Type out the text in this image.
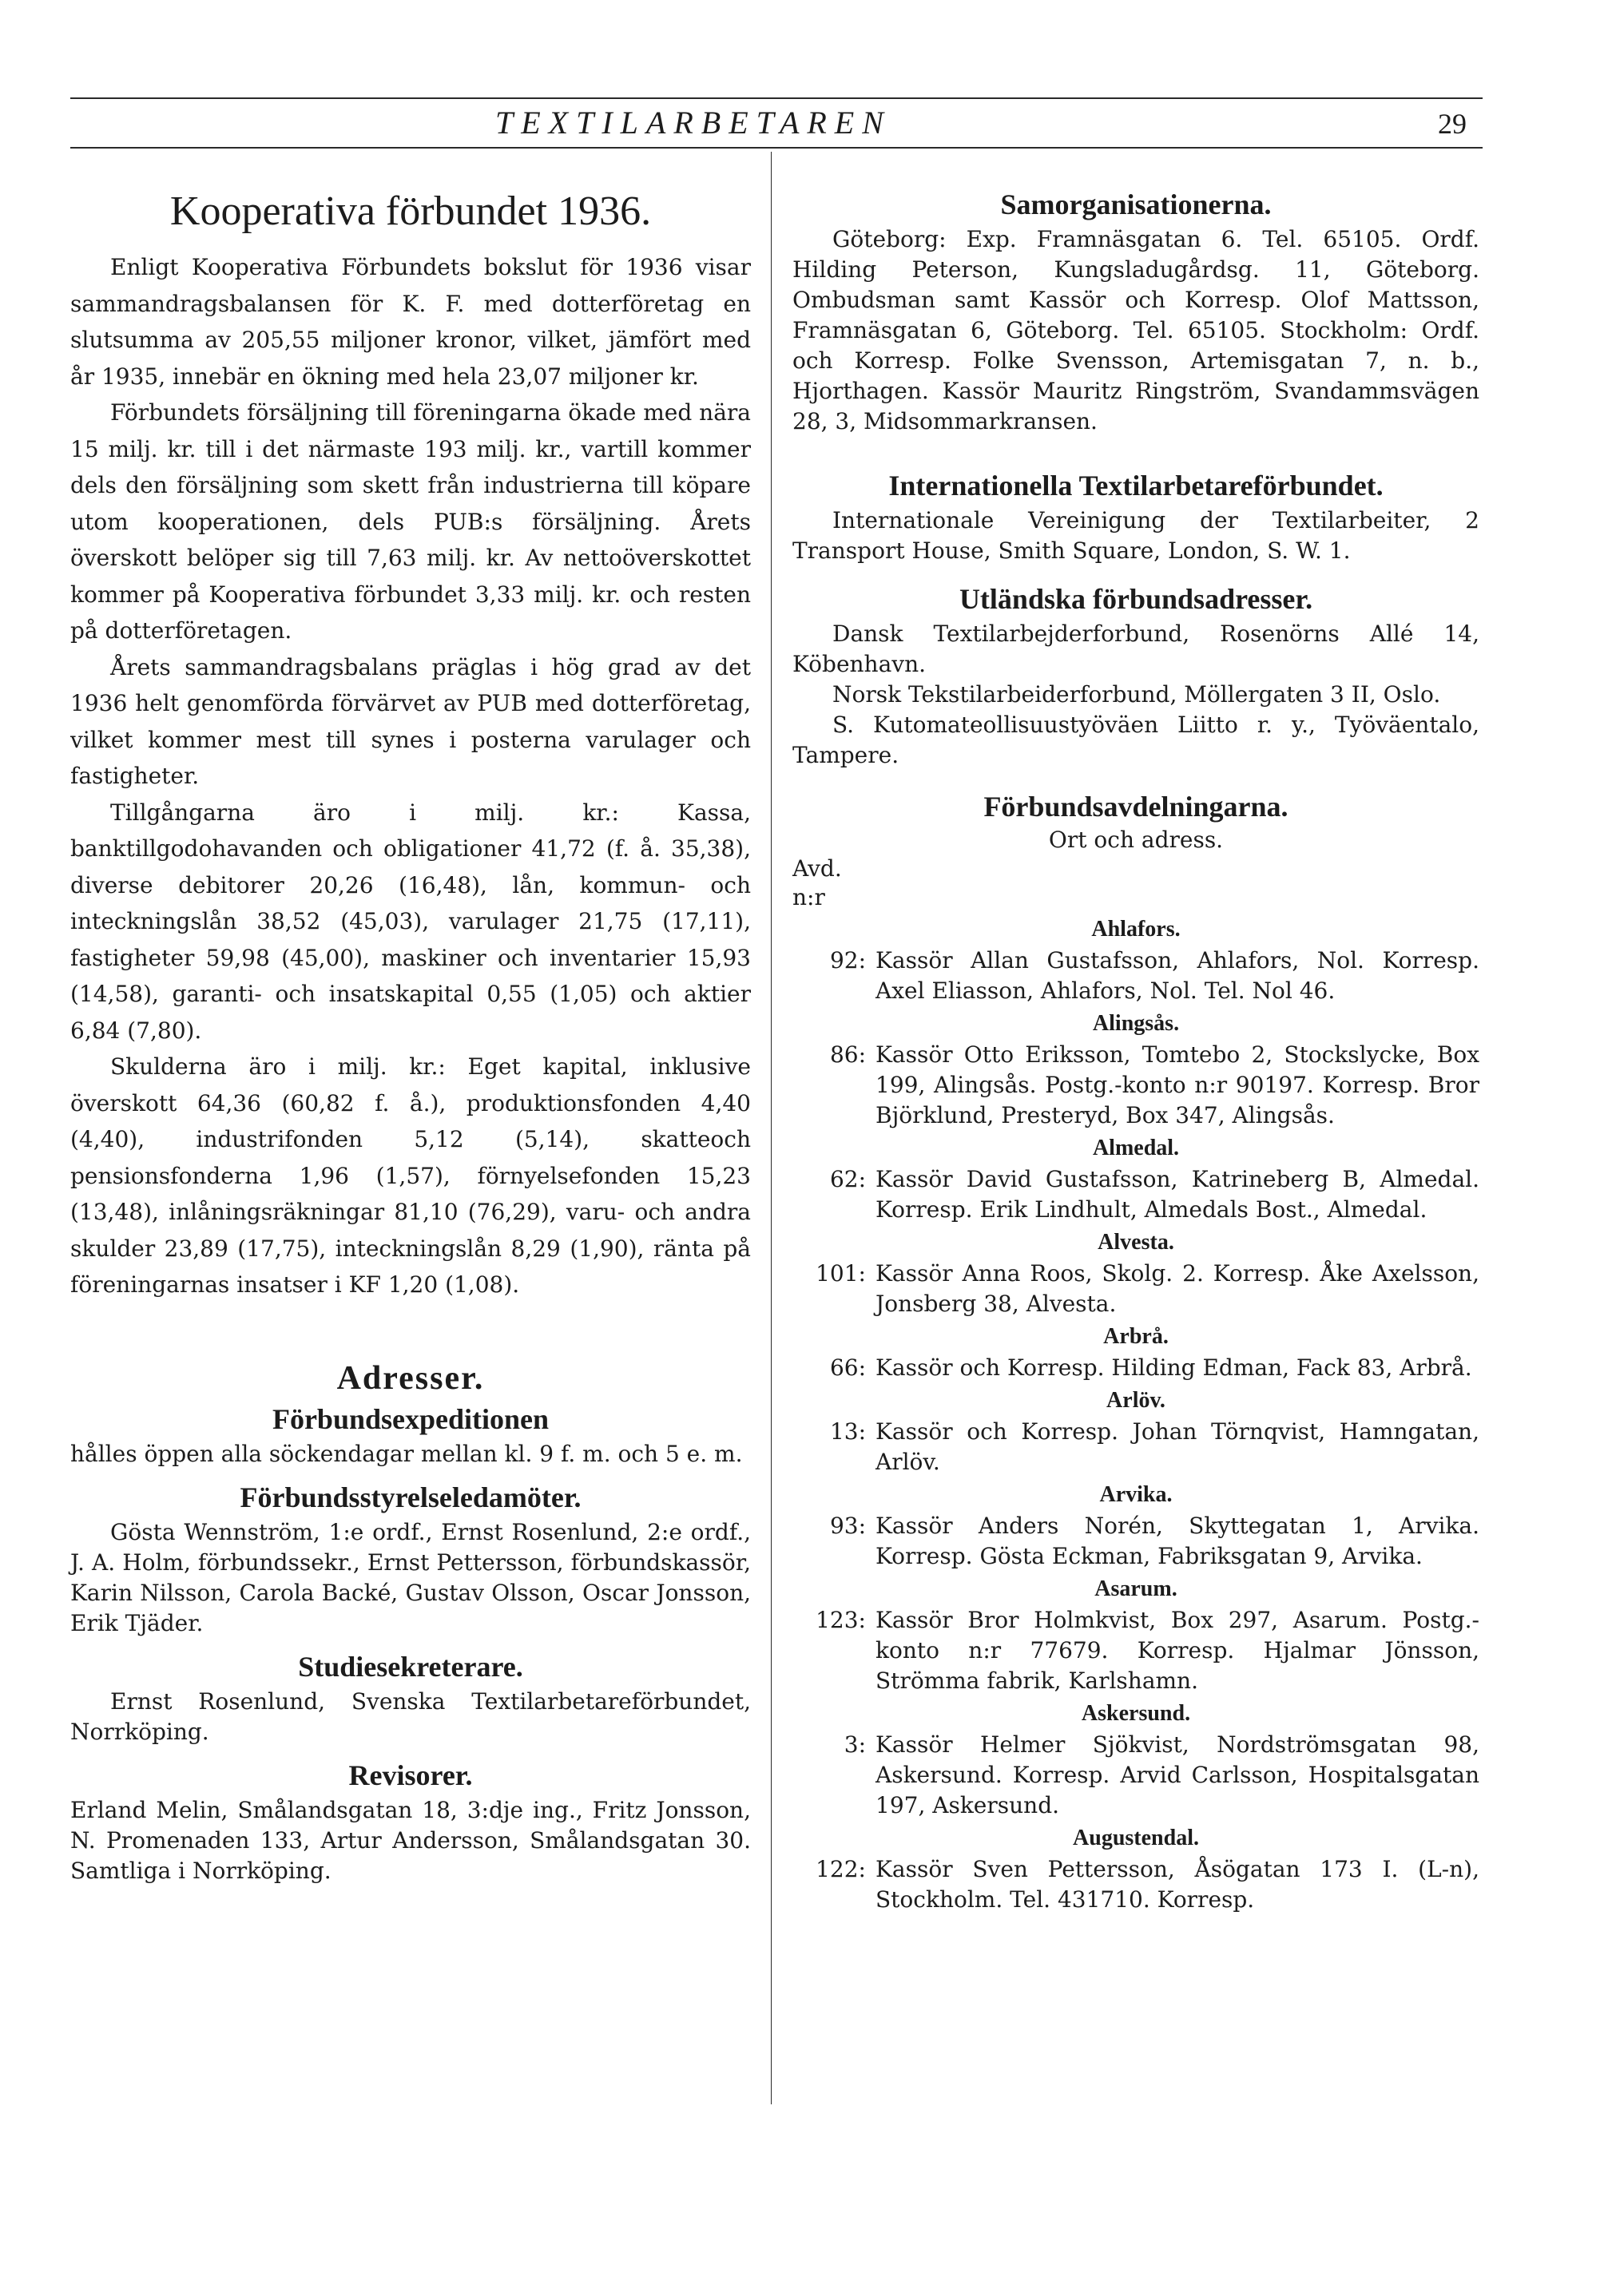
TEXTILARBETAREN	29
Kooperativa förbundet 1936.

Enligt Kooperativa Förbundets bokslut för 1936 visar sammandragsbalansen för K. F. med dotterföretag en slutsumma av 205,55 miljoner kronor, vilket, jämfört med år 1935, innebär en ökning med hela 23,07 miljoner kr.

Förbundets försäljning till föreningarna ökade med nära 15 milj. kr. till i det närmaste 193 milj. kr., vartill kommer dels den försäljning som skett från industrierna till köpare utom kooperationen, dels PUB:s försäljning. Årets överskott belöper sig till 7,63 milj. kr. Av nettoöverskottet kommer på Kooperativa förbundet 3,33 milj. kr. och resten på dotterföretagen.

Årets sammandragsbalans präglas i hög grad av det 1936 helt genomförda förvärvet av PUB med dotterföretag, vilket kommer mest till synes i posterna varulager och fastigheter.

Tillgångarna äro i milj. kr.: Kassa, banktillgodohavanden och obligationer 41,72 (f. å. 35,38), diverse debitorer 20,26 (16,48), lån, kommun- och inteckningslån 38,52 (45,03), varulager 21,75 (17,11), fastigheter 59,98 (45,00), maskiner och inventarier 15,93 (14,58), garanti- och insatskapital 0,55 (1,05) och aktier 6,84 (7,80).

Skulderna äro i milj. kr.: Eget kapital, inklusive överskott 64,36 (60,82 f. å.), produktionsfonden 4,40 (4,40), industrifonden 5,12 (5,14), skatteoch pensionsfonderna 1,96 (1,57), förnyelsefonden 15,23 (13,48), inlåningsräkningar 81,10 (76,29), varu- och andra skulder 23,89 (17,75), inteckningslån 8,29 (1,90), ränta på föreningarnas insatser i KF 1,20 (1,08).

Adresser.
Förbundsexpeditionen

hålles öppen alla söckendagar mellan kl. 9 f. m. och 5 e. m.

Förbundsstyrelseledamöter.

Gösta Wennström, 1:e ordf., Ernst Rosenlund, 2:e ordf., J. A. Holm, förbundssekr., Ernst Pettersson, förbundskassör, Karin Nilsson, Carola Backé, Gustav Olsson, Oscar Jonsson, Erik Tjäder.

Studiesekreterare.

Ernst Rosenlund, Svenska Textilarbetareförbundet, Norrköping.

Revisorer.

Erland Melin, Smålandsgatan 18, 3:dje ing., Fritz Jonsson, N. Promenaden 133, Artur Andersson, Smålandsgatan 30. Samtliga i Norrköping.

Samorganisationerna.

Göteborg: Exp. Framnäsgatan 6. Tel. 65105. Ordf. Hilding Peterson, Kungsladugårdsg. 11, Göteborg. Ombudsman samt Kassör och Korresp. Olof Mattsson, Framnäsgatan 6, Göteborg. Tel. 65105. Stockholm: Ordf. och Korresp. Folke Svensson, Artemisgatan 7, n. b., Hjorthagen. Kassör Mauritz Ringström, Svandammsvägen 28, 3, Midsommarkransen.

Internationella Textilarbetareförbundet.

Internationale Vereinigung der Textilarbeiter, 2 Transport House, Smith Square, London, S. W. 1.

Utländska förbundsadresser.

Dansk Textilarbejderforbund, Rosenörns Allé 14, Köbenhavn.

Norsk Tekstilarbeiderforbund, Möllergaten 3 II, Oslo.

S. Kutomateollisuustyöväen Liitto r. y., Työväentalo, Tampere.

Förbundsavdelningarna.
Ort och adress.
Avd.
n:r
Ahlafors.
92: Kassör Allan Gustafsson, Ahlafors, Nol. Korresp. Axel Eliasson, Ahlafors, Nol. Tel. Nol 46.
Alingsås.
86: Kassör Otto Eriksson, Tomtebo 2, Stockslycke, Box 199, Alingsås. Postg.-konto n:r 90197. Korresp. Bror Björklund, Presteryd, Box 347, Alingsås.
Almedal.
62: Kassör David Gustafsson, Katrineberg B, Almedal. Korresp. Erik Lindhult, Almedals Bost., Almedal.
Alvesta.
101: Kassör Anna Roos, Skolg. 2. Korresp. Åke Axelsson, Jonsberg 38, Alvesta.
Arbrå.
66: Kassör och Korresp. Hilding Edman, Fack 83, Arbrå.
Arlöv.
13: Kassör och Korresp. Johan Törnqvist, Hamngatan, Arlöv.
Arvika.
93: Kassör Anders Norén, Skyttegatan 1, Arvika. Korresp. Gösta Eckman, Fabriksgatan 9, Arvika.
Asarum.
123: Kassör Bror Holmkvist, Box 297, Asarum. Postg.-konto n:r 77679. Korresp. Hjalmar Jönsson, Strömma fabrik, Karlshamn.
Askersund.
3: Kassör Helmer Sjökvist, Nordströmsgatan 98, Askersund. Korresp. Arvid Carlsson, Hospitalsgatan 197, Askersund.
Augustendal.
122: Kassör Sven Pettersson, Åsögatan 173 I. (L-n), Stockholm. Tel. 431710. Korresp.
